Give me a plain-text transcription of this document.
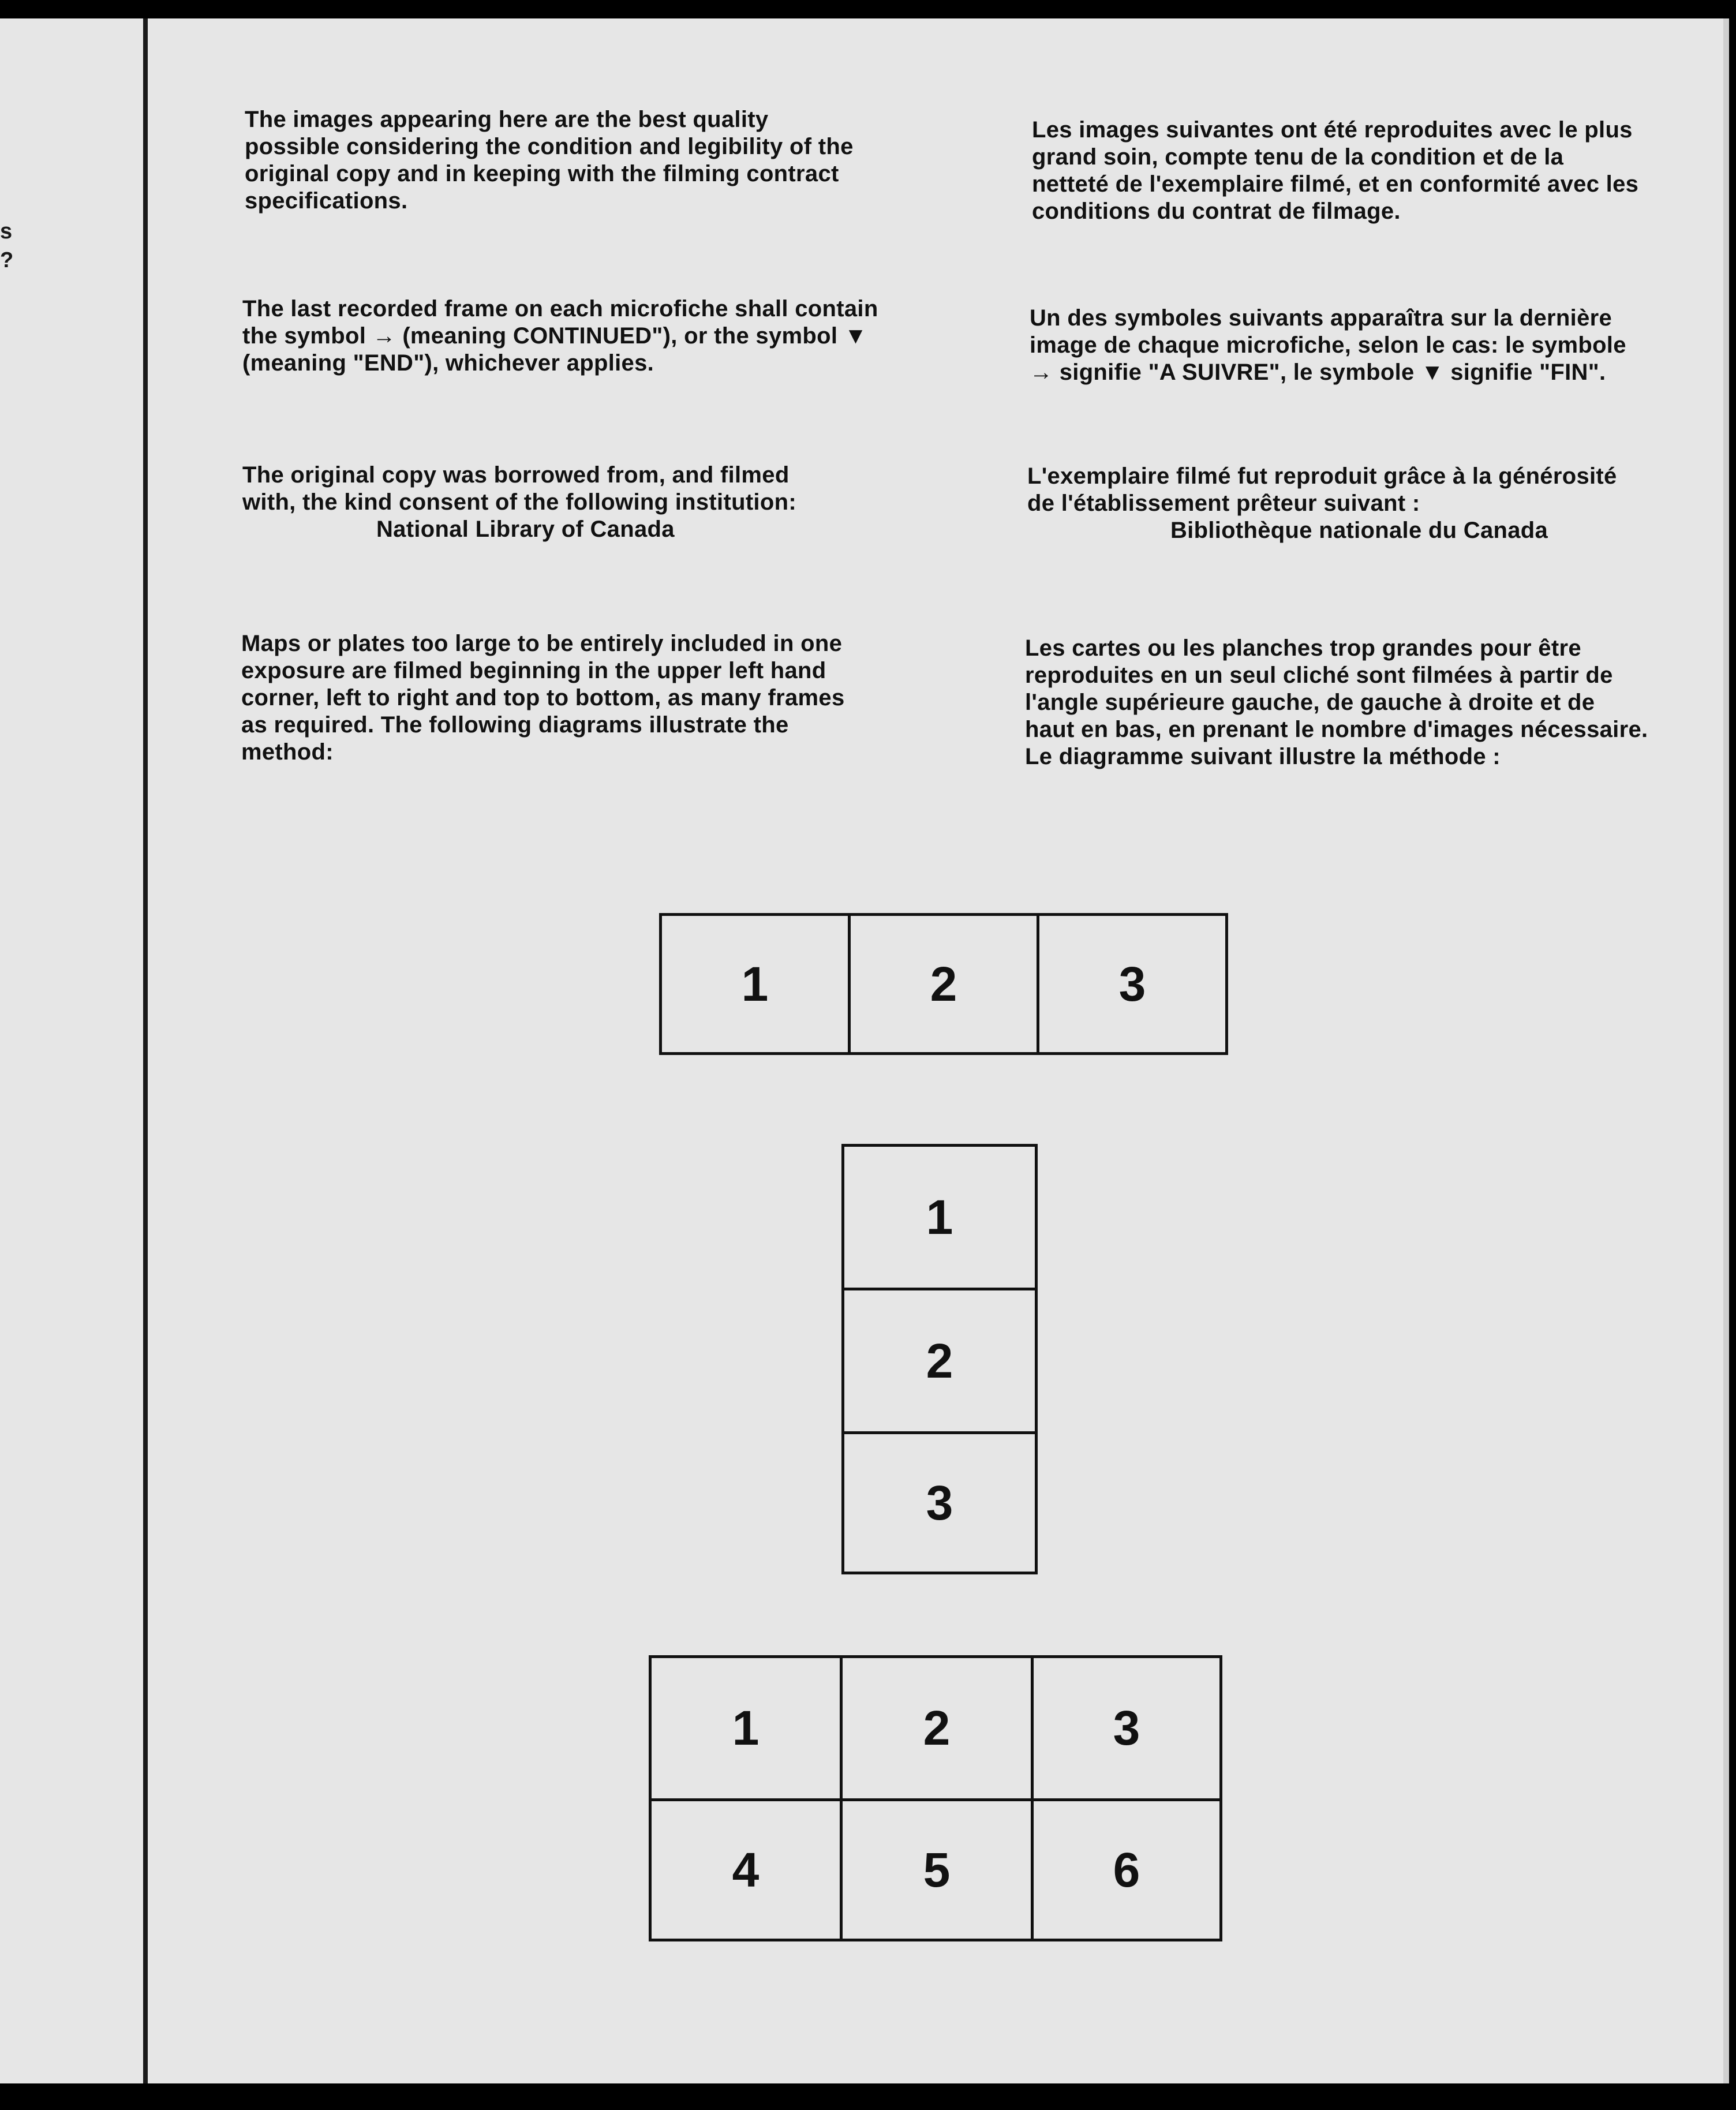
s
?

The images appearing here are the best quality possible considering the condition and legibility of the original copy and in keeping with the filming contract specifications.

The last recorded frame on each microfiche shall contain the symbol → (meaning CONTINUED"), or the symbol ▼ (meaning "END"), whichever applies.

The original copy was borrowed from, and filmed with, the kind consent of the following institution:

National Library of Canada

Maps or plates too large to be entirely included in one exposure are filmed beginning in the upper left hand corner, left to right and top to bottom, as many frames as required. The following diagrams illustrate the method:

Les images suivantes ont été reproduites avec le plus grand soin, compte tenu de la condition et de la netteté de l'exemplaire filmé, et en conformité avec les conditions du contrat de filmage.

Un des symboles suivants apparaîtra sur la dernière image de chaque microfiche, selon le cas: le symbole → signifie "A SUIVRE", le symbole ▼ signifie "FIN".

L'exemplaire filmé fut reproduit grâce à la générosité de l'établissement prêteur suivant :

Bibliothèque nationale du Canada

Les cartes ou les planches trop grandes pour être reproduites en un seul cliché sont filmées à partir de l'angle supérieure gauche, de gauche à droite et de haut en bas, en prenant le nombre d'images nécessaire. Le diagramme suivant illustre la méthode :

1	2	3
1
2
3
1	2	3
4	5	6
